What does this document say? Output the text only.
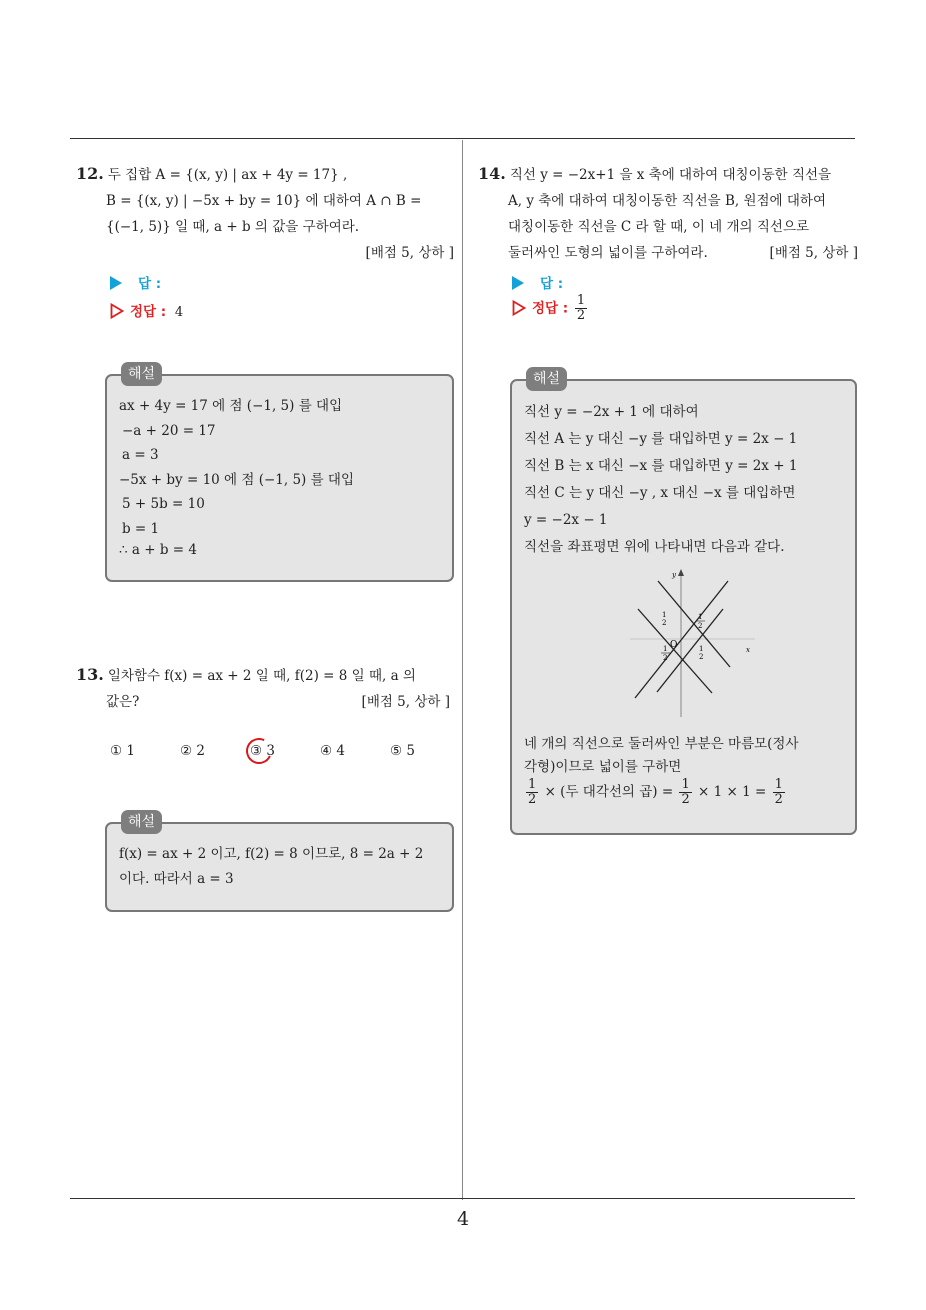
4
12. 두 집합 A = {(x, y) | ax + 4y = 17} ,
B = {(x, y) | −5x + by = 10} 에 대하여 A ∩ B =
{(−1, 5)} 일 때, a + b 의 값을 구하여라.
[배점 5, 상하 ]
답 :
정답 : 4
해설
ax + 4y = 17 에 점 (−1, 5) 를 대입
−a + 20 = 17
a = 3
−5x + by = 10 에 점 (−1, 5) 를 대입
5 + 5b = 10
b = 1
∴ a + b = 4
13. 일차함수 f(x) = ax + 2 일 때, f(2) = 8 일 때, a 의
값은?	[배점 5, 상하 ]
① 1	② 2	③ 3	④ 4	⑤ 5
해설
f(x) = ax + 2 이고, f(2) = 8 이므로, 8 = 2a + 2
이다. 따라서 a = 3
14. 직선 y = −2x+1 을 x 축에 대하여 대칭이동한 직선을
A, y 축에 대하여 대칭이동한 직선을 B, 원점에 대하여
대칭이동한 직선을 C 라 할 때, 이 네 개의 직선으로
둘러싸인 도형의 넓이를 구하여라.	[배점 5, 상하 ]
답 :
정답 : $\frac{1}{2}$
해설
직선 y = −2x + 1 에 대하여
직선 A 는 y 대신 −y 를 대입하면 y = 2x − 1
직선 B 는 x 대신 −x 를 대입하면 y = 2x + 1
직선 C 는 y 대신 −y , x 대신 −x 를 대입하면
y = −2x − 1
직선을 좌표평면 위에 나타내면 다음과 같다.
y
x
O
1
2
1
2
1
2
1
2
네 개의 직선으로 둘러싸인 부분은 마름모(정사
각형)이므로 넓이를 구하면
$\frac{1}{2}$ × (두 대각선의 곱) = $\frac{1}{2} \times 1 \times 1 = \frac{1}{2}$
